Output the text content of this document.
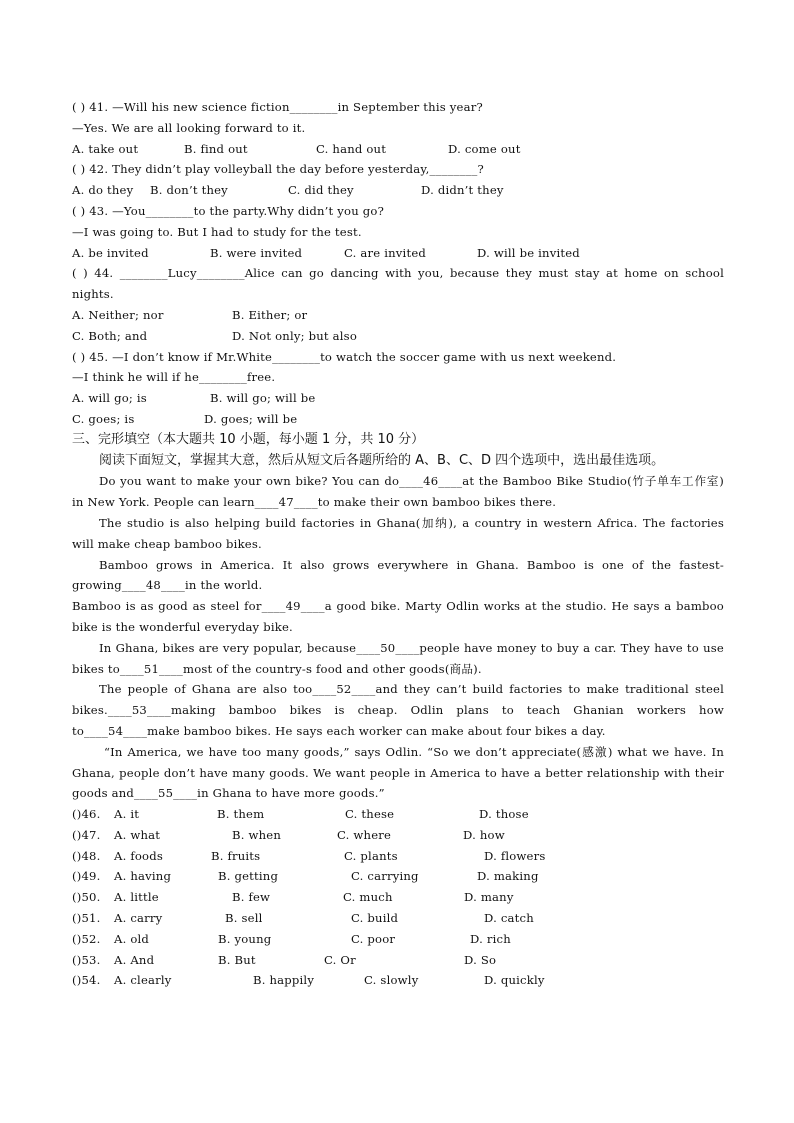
( ) 41. —Will his new science fiction________in September this year?
—Yes. We are all looking forward to it.
A. take out	B. find out	C. hand out	D. come out
( ) 42. They didn’t play volleyball the day before yesterday,________?
A. do they	B. don’t they	C. did they	D. didn’t they
( ) 43. —You________to the party.Why didn’t you go?
—I was going to. But I had to study for the test.
A. be invited	B. were invited	C. are invited	D. will be invited
( ) 44. ________Lucy________Alice can go dancing with you, because they must stay at home on school nights.
A. Neither; nor	B. Either; or
C. Both; and	D. Not only; but also
( ) 45. —I don’t know if Mr.White________to watch the soccer game with us next weekend.
—I think he will if he________free.
A. will go; is	B. will go; will be
C. goes; is	D. goes; will be
三、完形填空（本大题共 10 小题，每小题 1 分，共 10 分）
阅读下面短文，掌握其大意，然后从短文后各题所给的 A、B、C、D 四个选项中，选出最佳选项。
Do you want to make your own bike? You can do____46____at the Bamboo Bike Studio(竹子单车工作室) in New York. People can learn____47____to make their own bamboo bikes there.
The studio is also helping build factories in Ghana(加纳), a country in western Africa. The factories will make cheap bamboo bikes.
Bamboo grows in America. It also grows everywhere in Ghana. Bamboo is one of the fastest-growing____48____in the world.
Bamboo is as good as steel for____49____a good bike. Marty Odlin works at the studio. He says a bamboo bike is the wonderful everyday bike.
In Ghana, bikes are very popular, because____50____people have money to buy a car. They have to use bikes to____51____most of the country-s food and other goods(商品).
The people of Ghana are also too____52____and they can’t build factories to make traditional steel bikes.____53____making bamboo bikes is cheap. Odlin plans to teach Ghanian workers how to____54____make bamboo bikes. He says each worker can make about four bikes a day.
“In America, we have too many goods,” says Odlin. “So we don’t appreciate(感激) what we have. In Ghana, people don’t have many goods. We want people in America to have a better relationship with their goods and____55____in Ghana to have more goods.”
()46.	A. it	B. them	C. these	D. those
()47.	A. what	B. when	C. where	D. how
()48.	A. foods	B. fruits	C. plants	D. flowers
()49.	A. having	B. getting	C. carrying	D. making
()50.	A. little	B. few	C. much	D. many
()51.	A. carry	B. sell	C. build	D. catch
()52.	A. old	B. young	C. poor	D. rich
()53.	A. And	B. But	C. Or	D. So
()54.	A. clearly	B. happily	C. slowly	D. quickly
